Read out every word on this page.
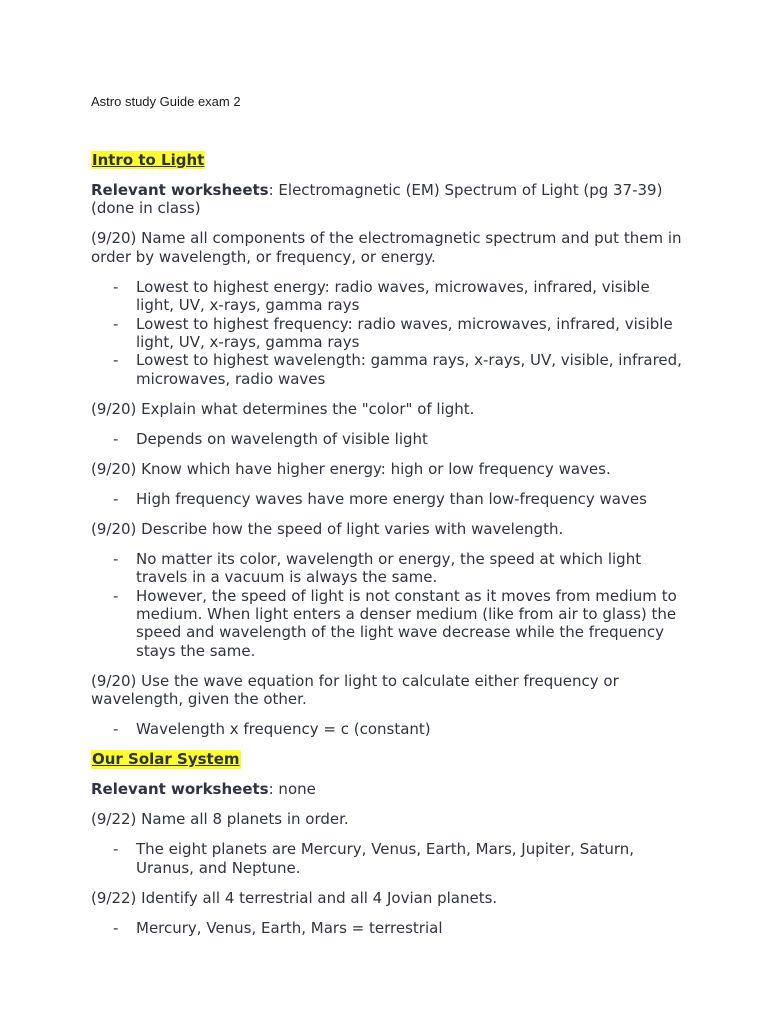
Astro study Guide exam 2
Intro to Light
Relevant worksheets: Electromagnetic (EM) Spectrum of Light (pg 37-39) (done in class)
(9/20) Name all components of the electromagnetic spectrum and put them in order by wavelength, or frequency, or energy.
- Lowest to highest energy: radio waves, microwaves, infrared, visible light, UV, x-rays, gamma rays
- Lowest to highest frequency: radio waves, microwaves, infrared, visible light, UV, x-rays, gamma rays
- Lowest to highest wavelength: gamma rays, x-rays, UV, visible, infrared, microwaves, radio waves
(9/20) Explain what determines the "color" of light.
- Depends on wavelength of visible light
(9/20) Know which have higher energy: high or low frequency waves.
- High frequency waves have more energy than low-frequency waves
(9/20) Describe how the speed of light varies with wavelength.
- No matter its color, wavelength or energy, the speed at which light travels in a vacuum is always the same.
- However, the speed of light is not constant as it moves from medium to medium. When light enters a denser medium (like from air to glass) the speed and wavelength of the light wave decrease while the frequency stays the same.
(9/20) Use the wave equation for light to calculate either frequency or wavelength, given the other.
- Wavelength x frequency = c (constant)
Our Solar System
Relevant worksheets: none
(9/22) Name all 8 planets in order.
- The eight planets are Mercury, Venus, Earth, Mars, Jupiter, Saturn, Uranus, and Neptune.
(9/22) Identify all 4 terrestrial and all 4 Jovian planets.
- Mercury, Venus, Earth, Mars = terrestrial
